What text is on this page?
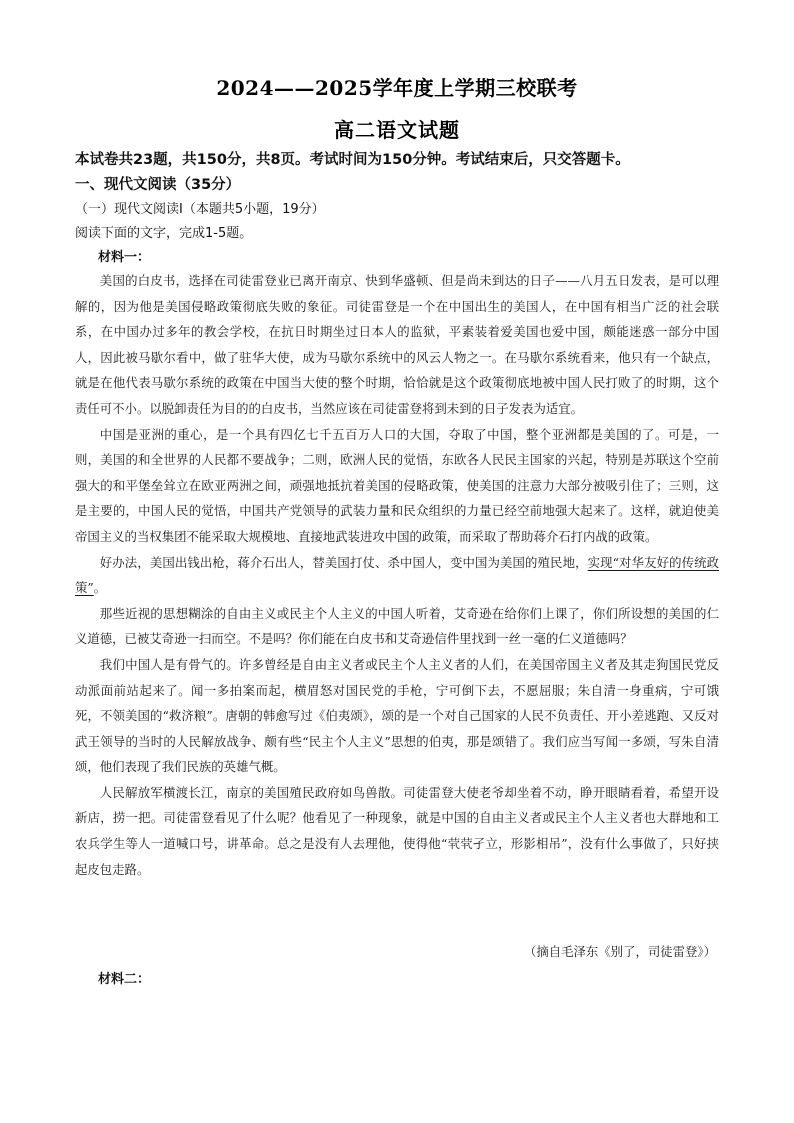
2024——2025学年度上学期三校联考
高二语文试题
本试卷共23题，共150分，共8页。考试时间为150分钟。考试结束后，只交答题卡。
一、现代文阅读（35分）
（一）现代文阅读Ⅰ（本题共5小题，19分）
阅读下面的文字，完成1-5题。
材料一：

美国的白皮书，选择在司徒雷登业已离开南京、快到华盛顿、但是尚未到达的日子——八月五日发表，是可以理解的，因为他是美国侵略政策彻底失败的象征。司徒雷登是一个在中国出生的美国人，在中国有相当广泛的社会联系，在中国办过多年的教会学校，在抗日时期坐过日本人的监狱，平素装着爱美国也爱中国，颇能迷惑一部分中国人，因此被马歇尔看中，做了驻华大使，成为马歇尔系统中的风云人物之一。在马歇尔系统看来，他只有一个缺点，就是在他代表马歇尔系统的政策在中国当大使的整个时期，恰恰就是这个政策彻底地被中国人民打败了的时期，这个责任可不小。以脱卸责任为目的的白皮书，当然应该在司徒雷登将到未到的日子发表为适宜。

中国是亚洲的重心，是一个具有四亿七千五百万人口的大国，夺取了中国，整个亚洲都是美国的了。可是，一则，美国的和全世界的人民都不要战争；二则，欧洲人民的觉悟，东欧各人民民主国家的兴起，特别是苏联这个空前强大的和平堡垒耸立在欧亚两洲之间，顽强地抵抗着美国的侵略政策，使美国的注意力大部分被吸引住了；三则，这是主要的，中国人民的觉悟，中国共产党领导的武装力量和民众组织的力量已经空前地强大起来了。这样，就迫使美帝国主义的当权集团不能采取大规模地、直接地武装进攻中国的政策，而采取了帮助蒋介石打内战的政策。

好办法，美国出钱出枪，蒋介石出人，替美国打仗、杀中国人，变中国为美国的殖民地，实现“对华友好的传统政策”。

那些近视的思想糊涂的自由主义或民主个人主义的中国人听着，艾奇逊在给你们上课了，你们所设想的美国的仁义道德，已被艾奇逊一扫而空。不是吗？你们能在白皮书和艾奇逊信件里找到一丝一毫的仁义道德吗？

我们中国人是有骨气的。许多曾经是自由主义者或民主个人主义者的人们，在美国帝国主义者及其走狗国民党反动派面前站起来了。闻一多拍案而起，横眉怒对国民党的手枪，宁可倒下去，不愿屈服；朱自清一身重病，宁可饿死，不领美国的“救济粮”。唐朝的韩愈写过《伯夷颂》，颂的是一个对自己国家的人民不负责任、开小差逃跑、又反对武王领导的当时的人民解放战争、颇有些“民主个人主义”思想的伯夷，那是颂错了。我们应当写闻一多颂，写朱自清颂，他们表现了我们民族的英雄气概。

人民解放军横渡长江，南京的美国殖民政府如鸟兽散。司徒雷登大使老爷却坐着不动，睁开眼睛看着，希望开设新店，捞一把。司徒雷登看见了什么呢？他看见了一种现象，就是中国的自由主义者或民主个人主义者也大群地和工农兵学生等人一道喊口号，讲革命。总之是没有人去理他，使得他“茕茕孑立，形影相吊”，没有什么事做了，只好挟起皮包走路。

（摘自毛泽东《别了，司徒雷登》）
材料二：
